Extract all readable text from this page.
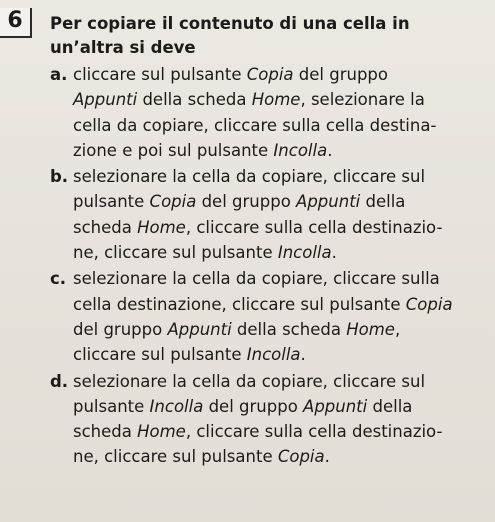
6	Per copiare il contenuto di una cella in
un’altra si deve
a. cliccare sul pulsante Copia del gruppo
Appunti della scheda Home, selezionare la
cella da copiare, cliccare sulla cella destina-
zione e poi sul pulsante Incolla.
b. selezionare la cella da copiare, cliccare sul
pulsante Copia del gruppo Appunti della
scheda Home, cliccare sulla cella destinazio-
ne, cliccare sul pulsante Incolla.
c. selezionare la cella da copiare, cliccare sulla
cella destinazione, cliccare sul pulsante Copia
del gruppo Appunti della scheda Home,
cliccare sul pulsante Incolla.
d. selezionare la cella da copiare, cliccare sul
pulsante Incolla del gruppo Appunti della
scheda Home, cliccare sulla cella destinazio-
ne, cliccare sul pulsante Copia.
